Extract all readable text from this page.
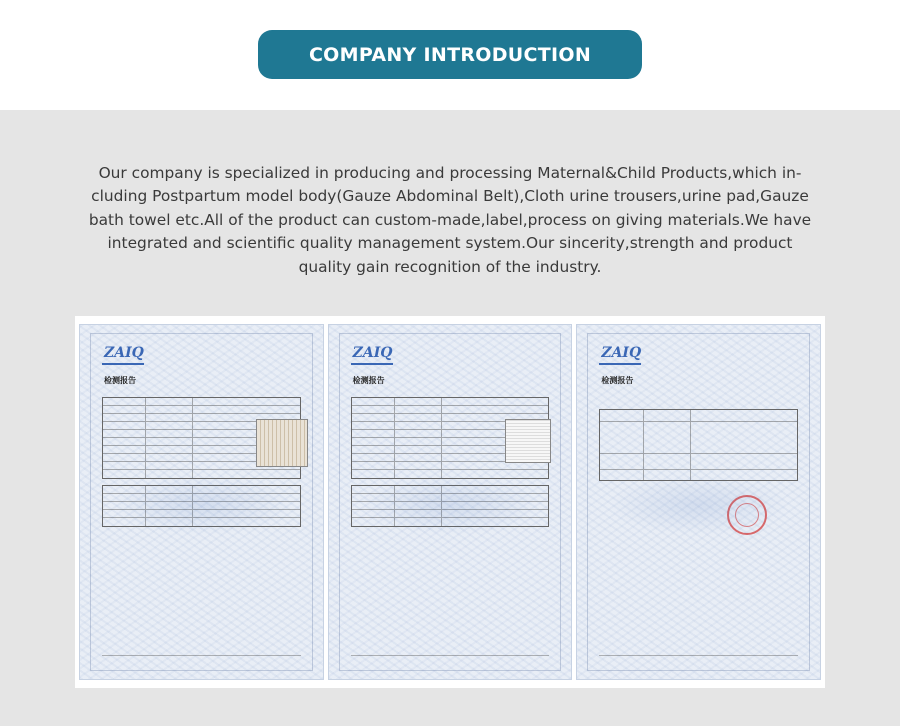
COMPANY INTRODUCTION
Our company is specialized in producing and processing Maternal&Child Products,which in-
cluding Postpartum model body(Gauze Abdominal Belt),Cloth urine trousers,urine pad,Gauze
bath towel etc.All of the product can custom-made,label,process on giving materials.We have
integrated and scientific quality management system.Our sincerity,strength and product
quality gain recognition of the industry.
ZAIQ
检测报告
ZAIQ
检测报告
ZAIQ
检测报告
